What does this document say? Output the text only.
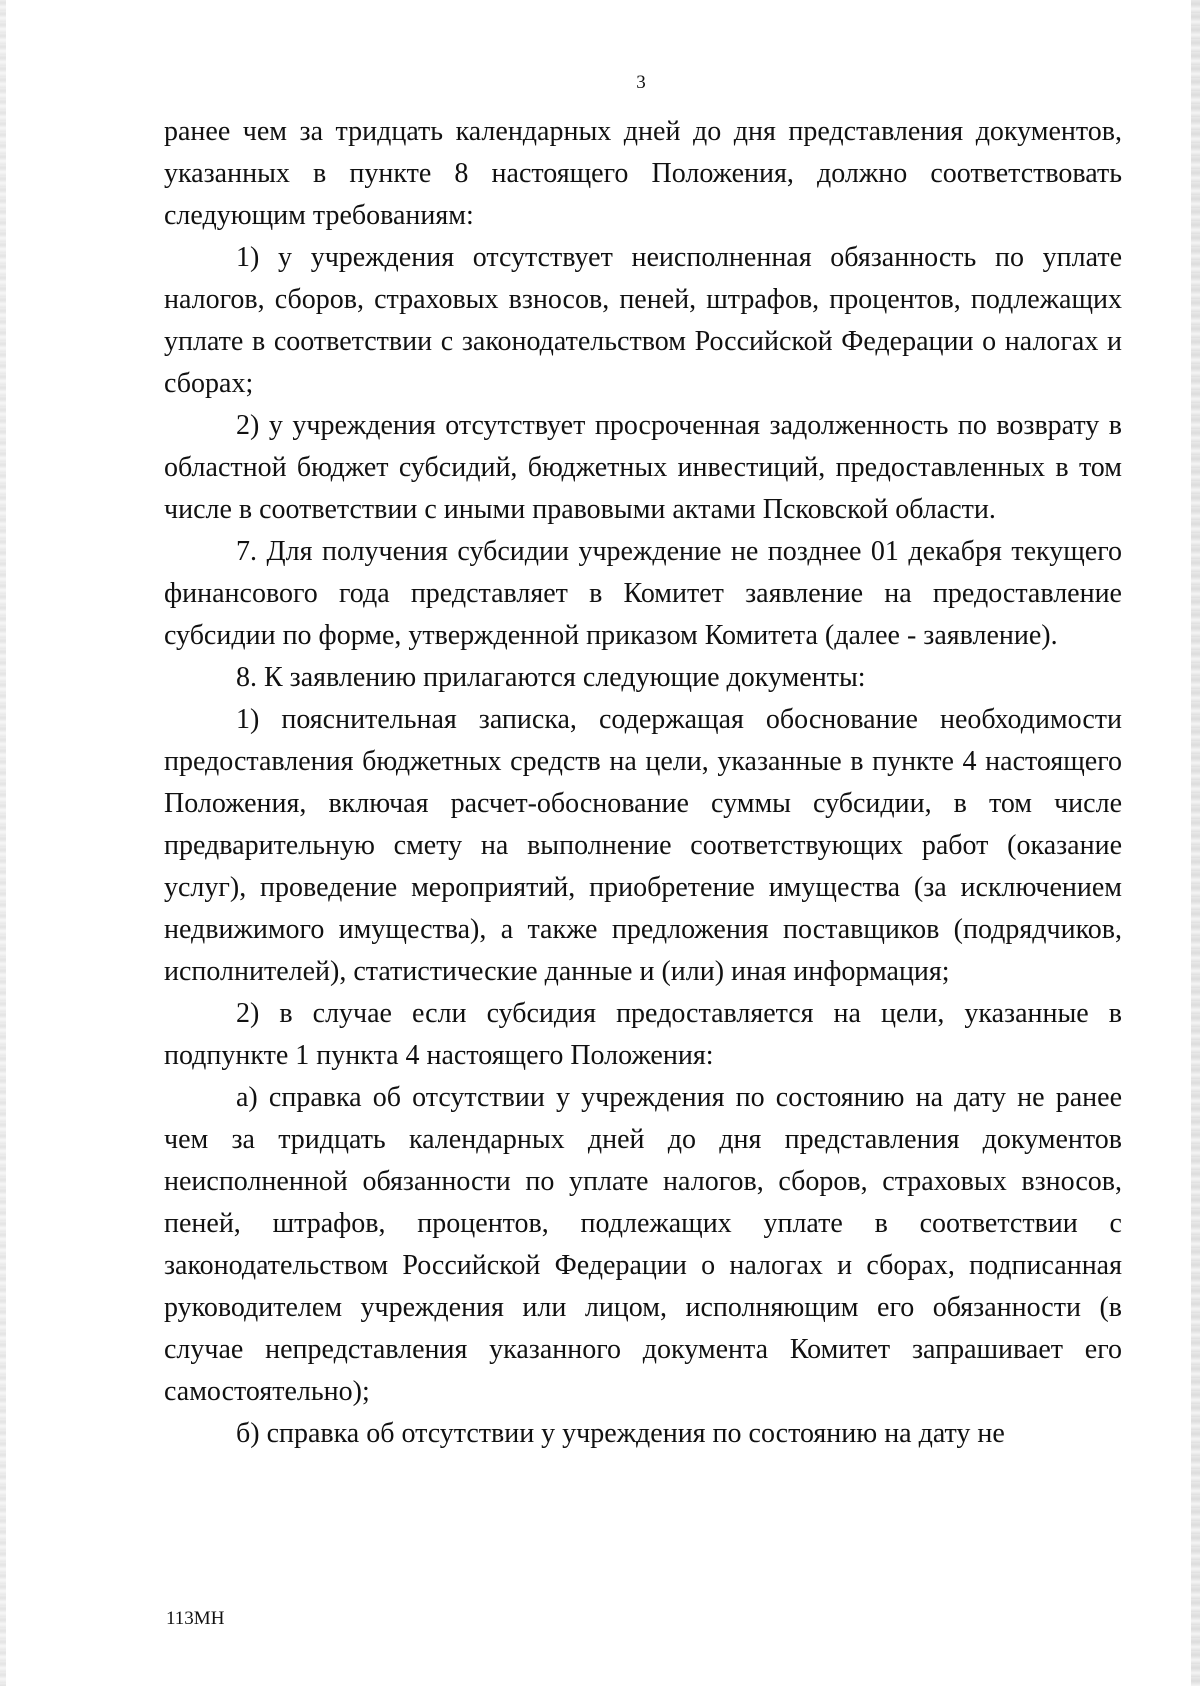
3

ранее чем за тридцать календарных дней до дня представления документов, указанных в пункте 8 настоящего Положения, должно соответствовать следующим требованиям:

1) у учреждения отсутствует неисполненная обязанность по уплате налогов, сборов, страховых взносов, пеней, штрафов, процентов, подлежащих уплате в соответствии с законодательством Российской Федерации о налогах и сборах;

2) у учреждения отсутствует просроченная задолженность по возврату в областной бюджет субсидий, бюджетных инвестиций, предоставленных в том числе в соответствии с иными правовыми актами Псковской области.

7. Для получения субсидии учреждение не позднее 01 декабря текущего финансового года представляет в Комитет заявление на предоставление субсидии по форме, утвержденной приказом Комитета (далее - заявление).

8. К заявлению прилагаются следующие документы:

1) пояснительная записка, содержащая обоснование необходимости предоставления бюджетных средств на цели, указанные в пункте 4 настоящего Положения, включая расчет-обоснование суммы субсидии, в том числе предварительную смету на выполнение соответствующих работ (оказание услуг), проведение мероприятий, приобретение имущества (за исключением недвижимого имущества), а также предложения поставщиков (подрядчиков, исполнителей), статистические данные и (или) иная информация;

2) в случае если субсидия предоставляется на цели, указанные в подпункте 1 пункта 4 настоящего Положения:

а) справка об отсутствии у учреждения по состоянию на дату не ранее чем за тридцать календарных дней до дня представления документов неисполненной обязанности по уплате налогов, сборов, страховых взносов, пеней, штрафов, процентов, подлежащих уплате в соответствии с законодательством Российской Федерации о налогах и сборах, подписанная руководителем учреждения или лицом, исполняющим его обязанности (в случае непредставления указанного документа Комитет запрашивает его самостоятельно);

б) справка об отсутствии у учреждения по состоянию на дату не

113МН
